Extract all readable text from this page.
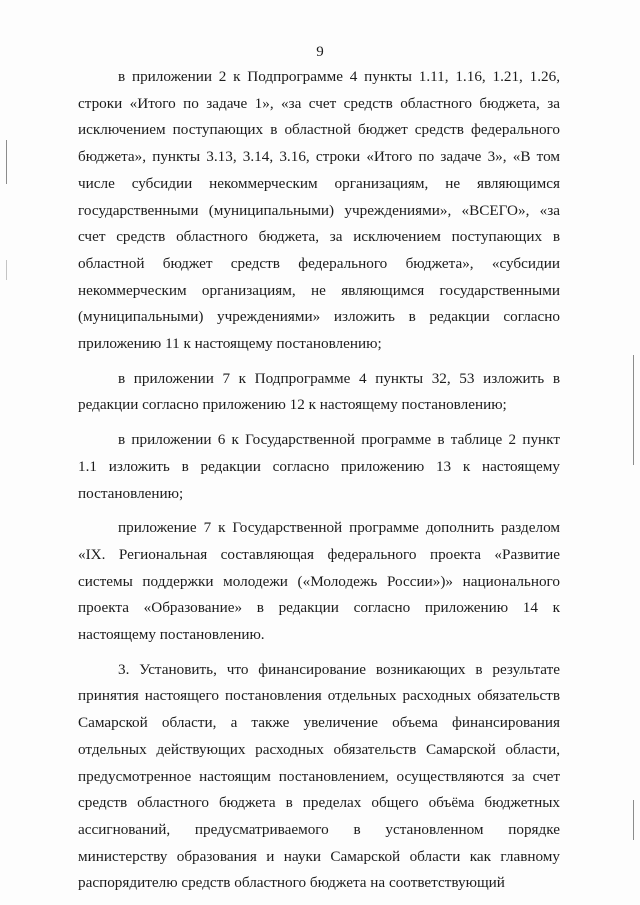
9

в приложении 2 к Подпрограмме 4 пункты 1.11, 1.16, 1.21, 1.26, строки «Итого по задаче 1», «за счет средств областного бюджета, за исключением поступающих в областной бюджет средств федерального бюджета», пункты 3.13, 3.14, 3.16, строки «Итого по задаче 3», «В том числе субсидии некоммерческим организациям, не являющимся государственными (муниципальными) учреждениями», «ВСЕГО», «за счет средств областного бюджета, за исключением поступающих в областной бюджет средств федерального бюджета», «субсидии некоммерческим организациям, не являющимся государственными (муниципальными) учреждениями» изложить в редакции согласно приложению 11 к настоящему постановлению;

в приложении 7 к Подпрограмме 4 пункты 32, 53 изложить в редакции согласно приложению 12 к настоящему постановлению;

в приложении 6 к Государственной программе в таблице 2 пункт 1.1 изложить в редакции согласно приложению 13 к настоящему постановлению;

приложение 7 к Государственной программе дополнить разделом «IX. Региональная составляющая федерального проекта «Развитие системы поддержки молодежи («Молодежь России»)» национального проекта «Образование» в редакции согласно приложению 14 к настоящему постановлению.

3. Установить, что финансирование возникающих в результате принятия настоящего постановления отдельных расходных обязательств Самарской области, а также увеличение объема финансирования отдельных действующих расходных обязательств Самарской области, предусмотренное настоящим постановлением, осуществляются за счет средств областного бюджета в пределах общего объёма бюджетных ассигнований, предусматриваемого в установленном порядке министерству образования и науки Самарской области как главному распорядителю средств областного бюджета на соответствующий
